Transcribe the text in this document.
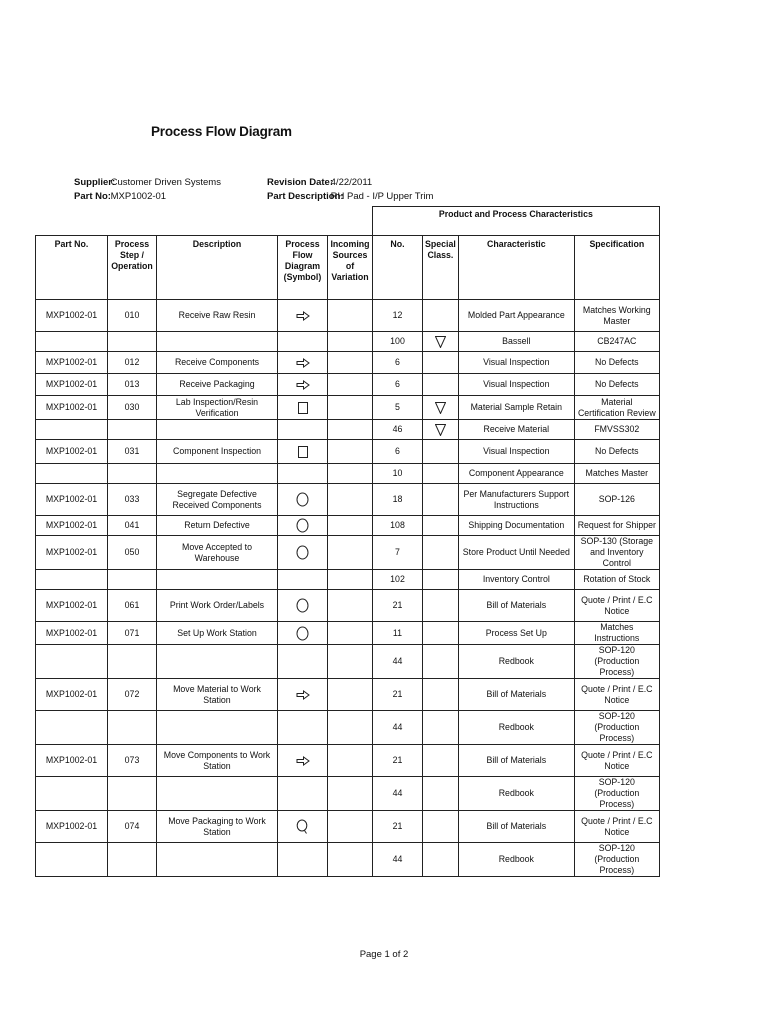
Process Flow Diagram
Supplier: Customer Driven Systems
Part No: MXP1002-01
Revision Date: 4/22/2011
Part Description: RH Pad - I/P Upper Trim
					Product and Process Characteristics			
Part No.	Process Step / Operation	Description	Process Flow Diagram (Symbol)	Incoming Sources of Variation	No.	Special Class.	Characteristic	Specification
MXP1002-01	010	Receive Raw Resin			12		Molded Part Appearance	Matches Working Master
					100		Bassell	CB247AC
MXP1002-01	012	Receive Components			6		Visual Inspection	No Defects
MXP1002-01	013	Receive Packaging			6		Visual Inspection	No Defects
MXP1002-01	030	Lab Inspection/Resin Verification			5		Material Sample Retain	Material Certification Review
					46		Receive Material	FMVSS302
MXP1002-01	031	Component Inspection			6		Visual Inspection	No Defects
					10		Component Appearance	Matches Master
MXP1002-01	033	Segregate Defective Received Components			18		Per Manufacturers Support Instructions	SOP-126
MXP1002-01	041	Return Defective			108		Shipping Documentation	Request for Shipper
MXP1002-01	050	Move Accepted to Warehouse			7		Store Product Until Needed	SOP-130 (Storage and Inventory Control
					102		Inventory Control	Rotation of Stock
MXP1002-01	061	Print Work Order/Labels			21		Bill of Materials	Quote / Print / E.C Notice
MXP1002-01	071	Set Up Work Station			11		Process Set Up	Matches Instructions
					44		Redbook	SOP-120 (Production Process)
MXP1002-01	072	Move Material to Work Station			21		Bill of Materials	Quote / Print / E.C Notice
					44		Redbook	SOP-120 (Production Process)
MXP1002-01	073	Move Components to Work Station			21		Bill of Materials	Quote / Print / E.C Notice
					44		Redbook	SOP-120 (Production Process)
MXP1002-01	074	Move Packaging to Work Station			21		Bill of Materials	Quote / Print / E.C Notice
					44		Redbook	SOP-120 (Production Process)
Page 1 of 2
